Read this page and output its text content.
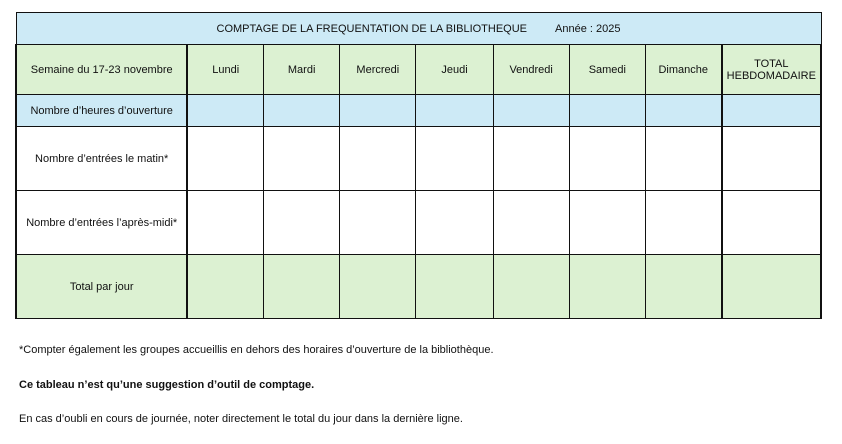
COMPTAGE DE LA FREQUENTATION DE LA BIBLIOTHEQUE Année : 2025								
Semaine du 17-23 novembre	Lundi	Mardi	Mercredi	Jeudi	Vendredi	Samedi	Dimanche	TOTAL
HEBDOMADAIRE
Nombre d’heures d’ouverture								
Nombre d’entrées le matin*								
Nombre d’entrées l’après-midi*								
Total par jour								

*Compter également les groupes accueillis en dehors des horaires d’ouverture de la bibliothèque.

Ce tableau n’est qu’une suggestion d’outil de comptage.

En cas d’oubli en cours de journée, noter directement le total du jour dans la dernière ligne.
